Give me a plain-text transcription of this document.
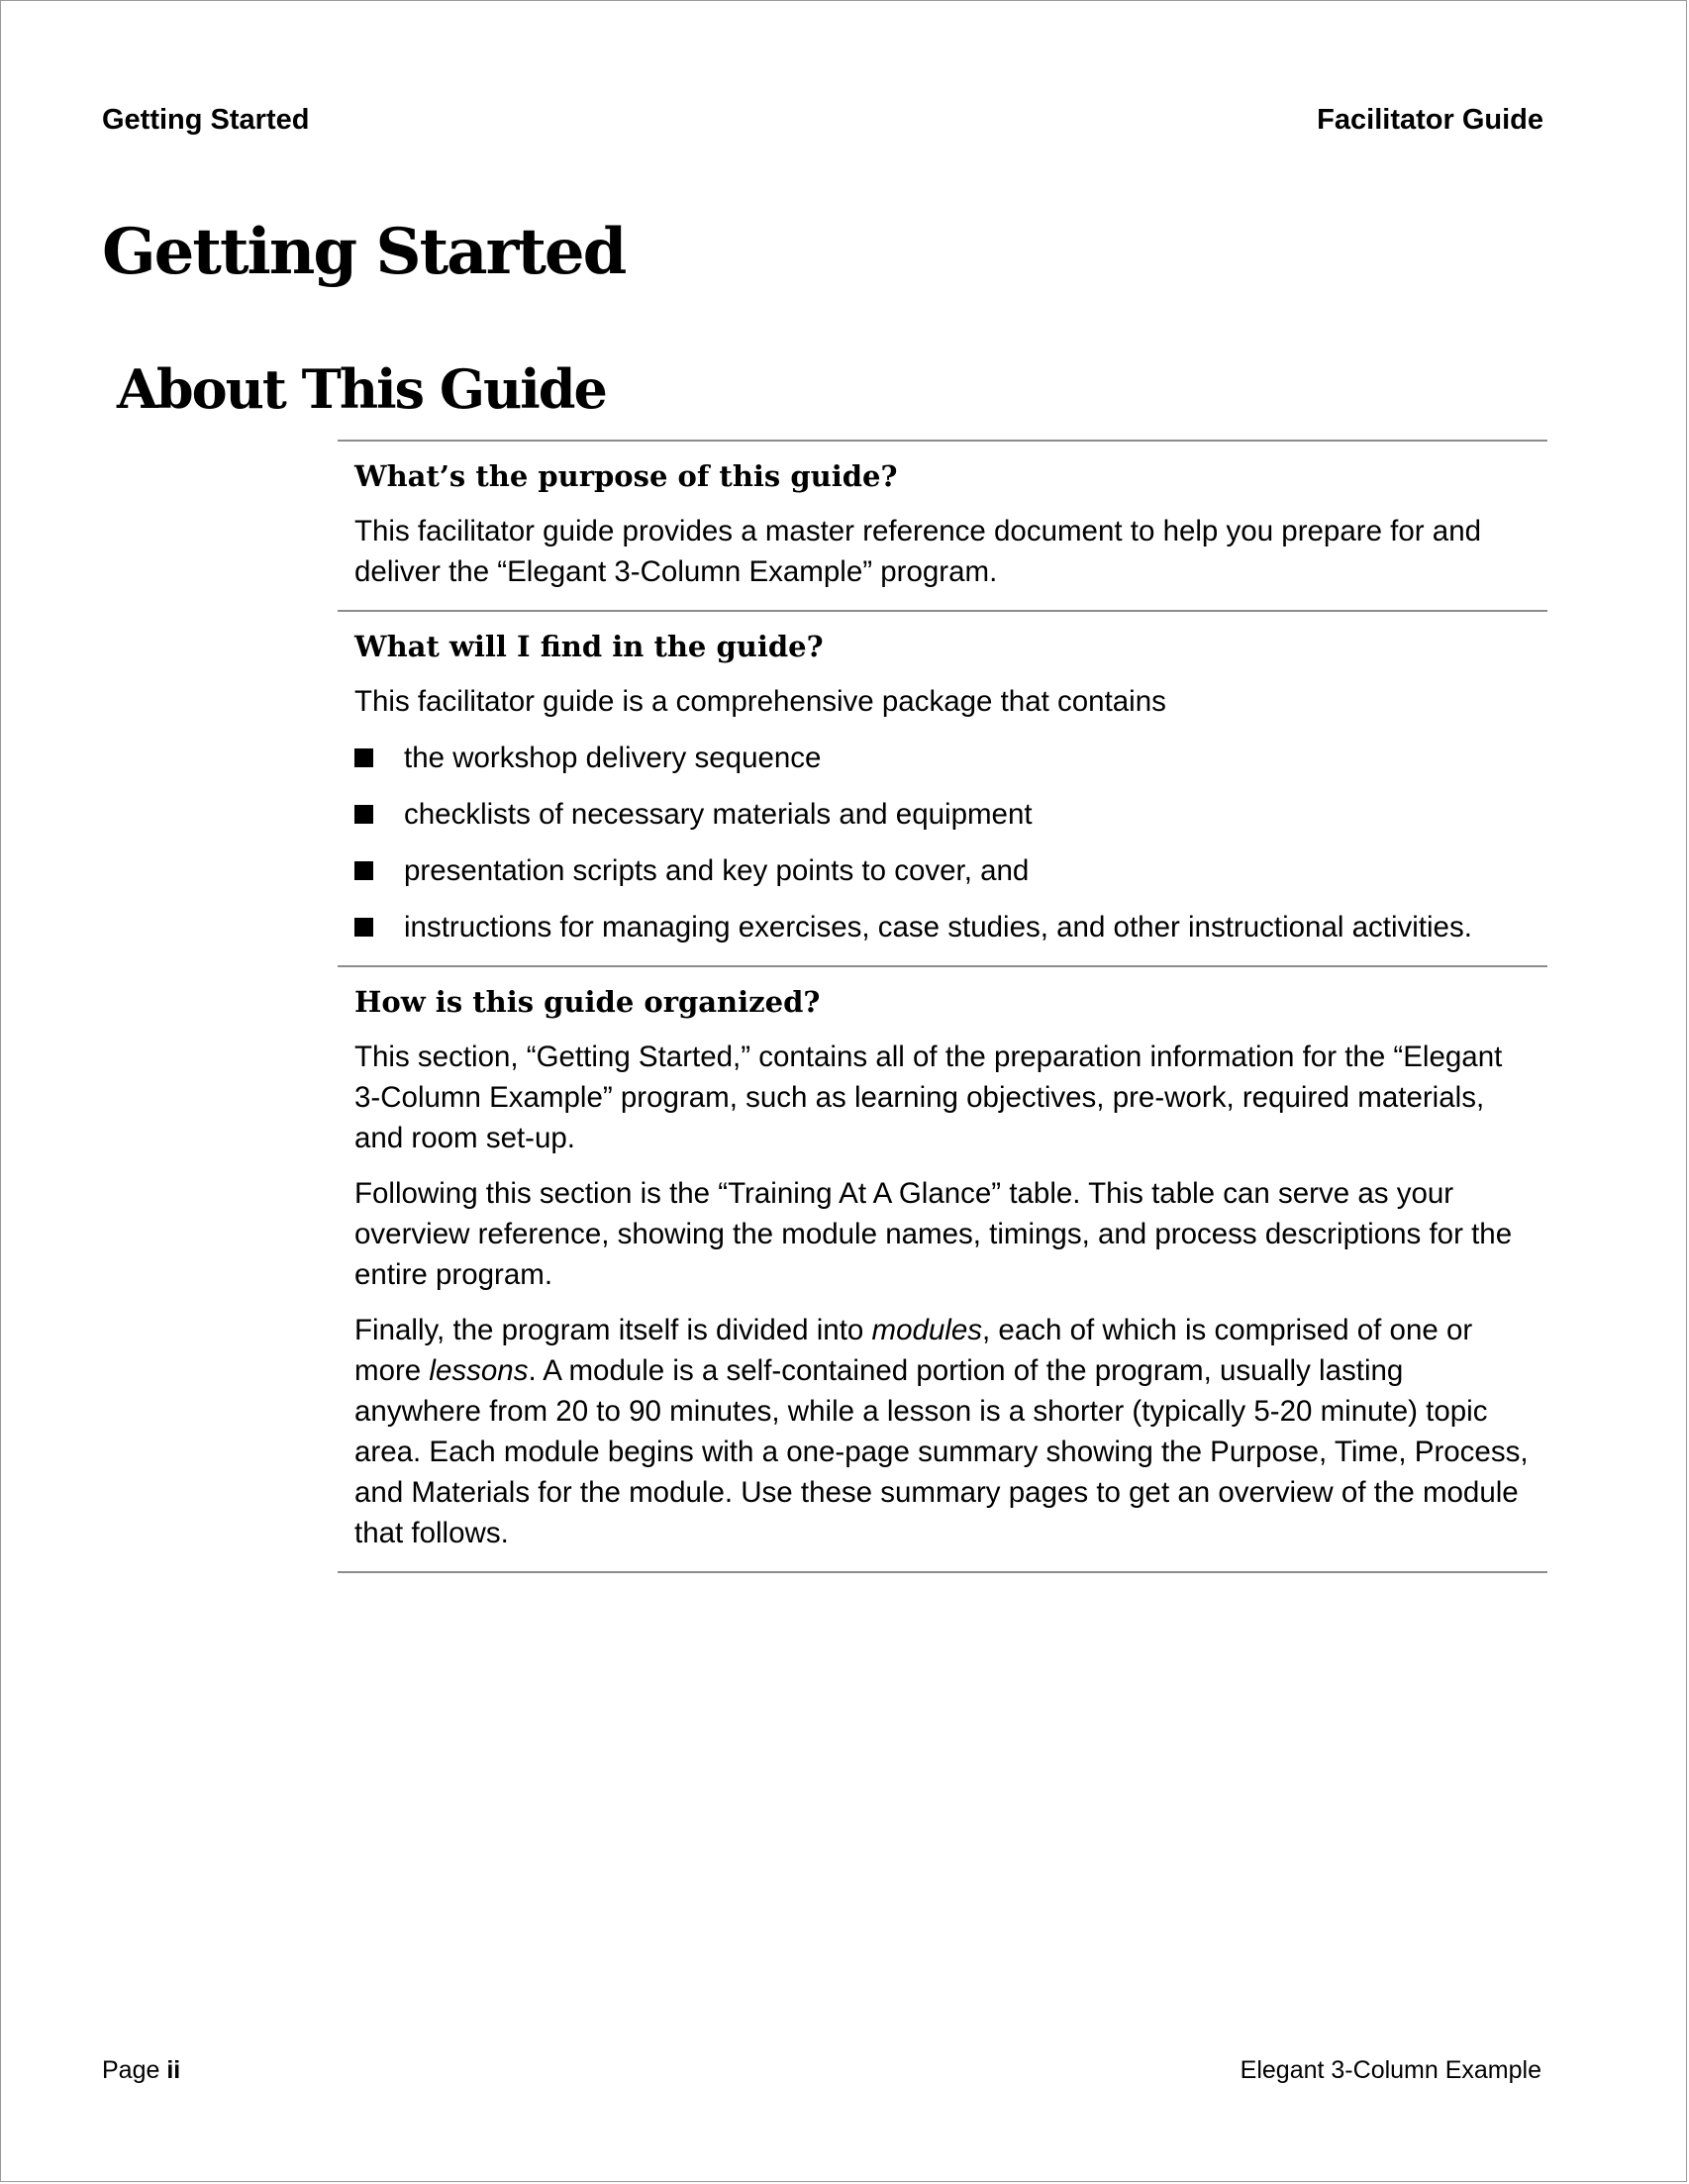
Getting Started	Facilitator Guide
Getting Started
About This Guide
What’s the purpose of this guide?

This facilitator guide provides a master reference document to help you prepare for and deliver the “Elegant 3-Column Example” program.

What will I find in the guide?

This facilitator guide is a comprehensive package that contains

the workshop delivery sequence
checklists of necessary materials and equipment
presentation scripts and key points to cover, and
instructions for managing exercises, case studies, and other instructional activities.
How is this guide organized?

This section, “Getting Started,” contains all of the preparation information for the “Elegant 3-Column Example” program, such as learning objectives, pre-work, required materials, and room set-up.

Following this section is the “Training At A Glance” table. This table can serve as your overview reference, showing the module names, timings, and process descriptions for the entire program.

Finally, the program itself is divided into modules, each of which is comprised of one or more lessons. A module is a self-contained portion of the program, usually lasting anywhere from 20 to 90 minutes, while a lesson is a shorter (typically 5-20 minute) topic area. Each module begins with a one-page summary showing the Purpose, Time, Process, and Materials for the module. Use these summary pages to get an overview of the module that follows.

Page ii	Elegant 3-Column Example
